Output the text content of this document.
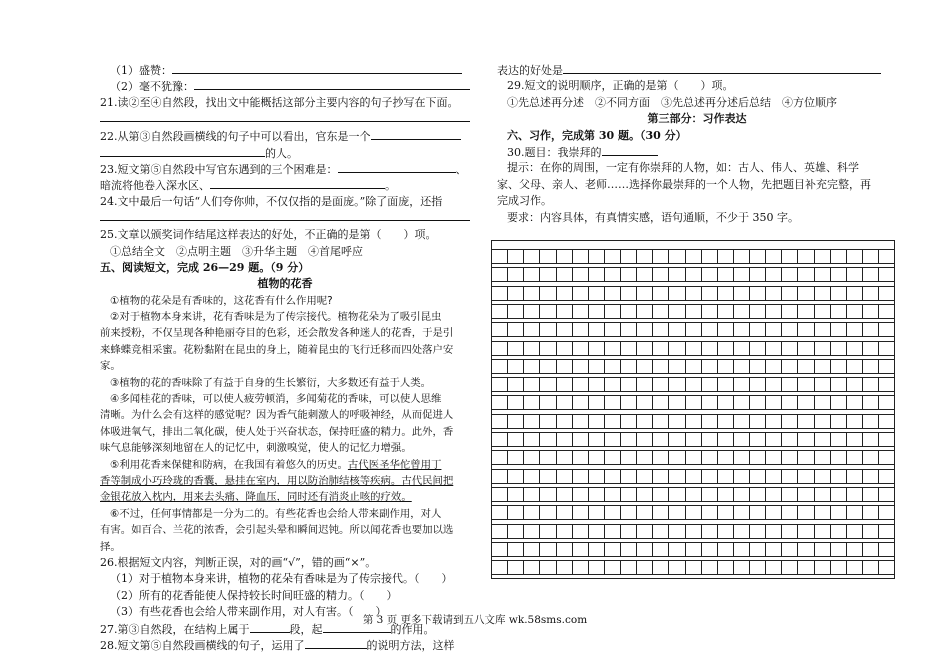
（1）盛赞：
（2）毫不犹豫：
21.读②至④自然段，找出文中能概括这部分主要内容的句子抄写在下面。
22.从第③自然段画横线的句子中可以看出，官东是一个
的人。
23.短文第⑤自然段中写官东遇到的三个困难是：	、
暗流将他卷入深水区、	。
24.文中最后一句话“人们夸你帅，不仅仅指的是面庞。”除了面庞，还指
25.文章以颁奖词作结尾这样表达的好处，不正确的是第（　　）项。
①总结全文　②点明主题　③升华主题　④首尾呼应
五、阅读短文，完成 26—29 题。（9 分）
植物的花香
①植物的花朵是有香味的，这花香有什么作用呢?
②对于植物本身来讲，花有香味是为了传宗接代。植物花朵为了吸引昆虫
前来授粉，不仅呈现各种艳丽夺目的色彩，还会散发各种迷人的花香，于是引
来蜂蝶竞相采蜜。花粉黏附在昆虫的身上，随着昆虫的飞行迁移而四处落户安
家。
③植物的花的香味除了有益于自身的生长繁衍，大多数还有益于人类。
④多闻桂花的香味，可以使人疲劳顿消，多闻菊花的香味，可以使人思维
清晰。为什么会有这样的感觉呢？因为香气能刺激人的呼吸神经，从而促进人
体吸进氧气，排出二氧化碳，使人处于兴奋状态，保持旺盛的精力。此外，香
味气息能够深刻地留在人的记忆中，刺激嗅觉，使人的记忆力增强。
⑤利用花香来保健和防病，在我国有着悠久的历史。古代医圣华佗曾用丁
香等制成小巧玲珑的香囊，悬挂在室内，用以防治肺结核等疾病。古代民间把
金银花放入枕内，用来去头痛、降血压，同时还有消炎止咳的疗效。
⑥不过，任何事情都是一分为二的。有些花香也会给人带来副作用，对人
有害。如百合、兰花的浓香，会引起头晕和瞬间迟钝。所以闻花香也要加以选
择。
26.根据短文内容，判断正误，对的画“√”，错的画“×”。
（1）对于植物本身来讲，植物的花朵有香味是为了传宗接代。（　　）
（2）所有的花香能使人保持较长时间旺盛的精力。（　　）
（3）有些花香也会给人带来副作用，对人有害。（　　）
27.第③自然段，在结构上属于	段，起	的作用。
28.短文第⑤自然段画横线的句子，运用了	的说明方法，这样
表达的好处是
29.短文的说明顺序，正确的是第（　　）项。
①先总述再分述　②不同方面　③先总述再分述后总结　④方位顺序
第三部分：习作表达
六、习作，完成第 30 题。（30 分）
30.题目：我崇拜的
提示：在你的周围，一定有你崇拜的人物，如：古人、伟人、英雄、科学
家、父母、亲人、老师……选择你最崇拜的一个人物，先把题目补充完整，再
完成习作。
要求：内容具体，有真情实感，语句通顺，不少于 350 字。
第 3 页 更多下载请到五八文库 wk.58sms.com
